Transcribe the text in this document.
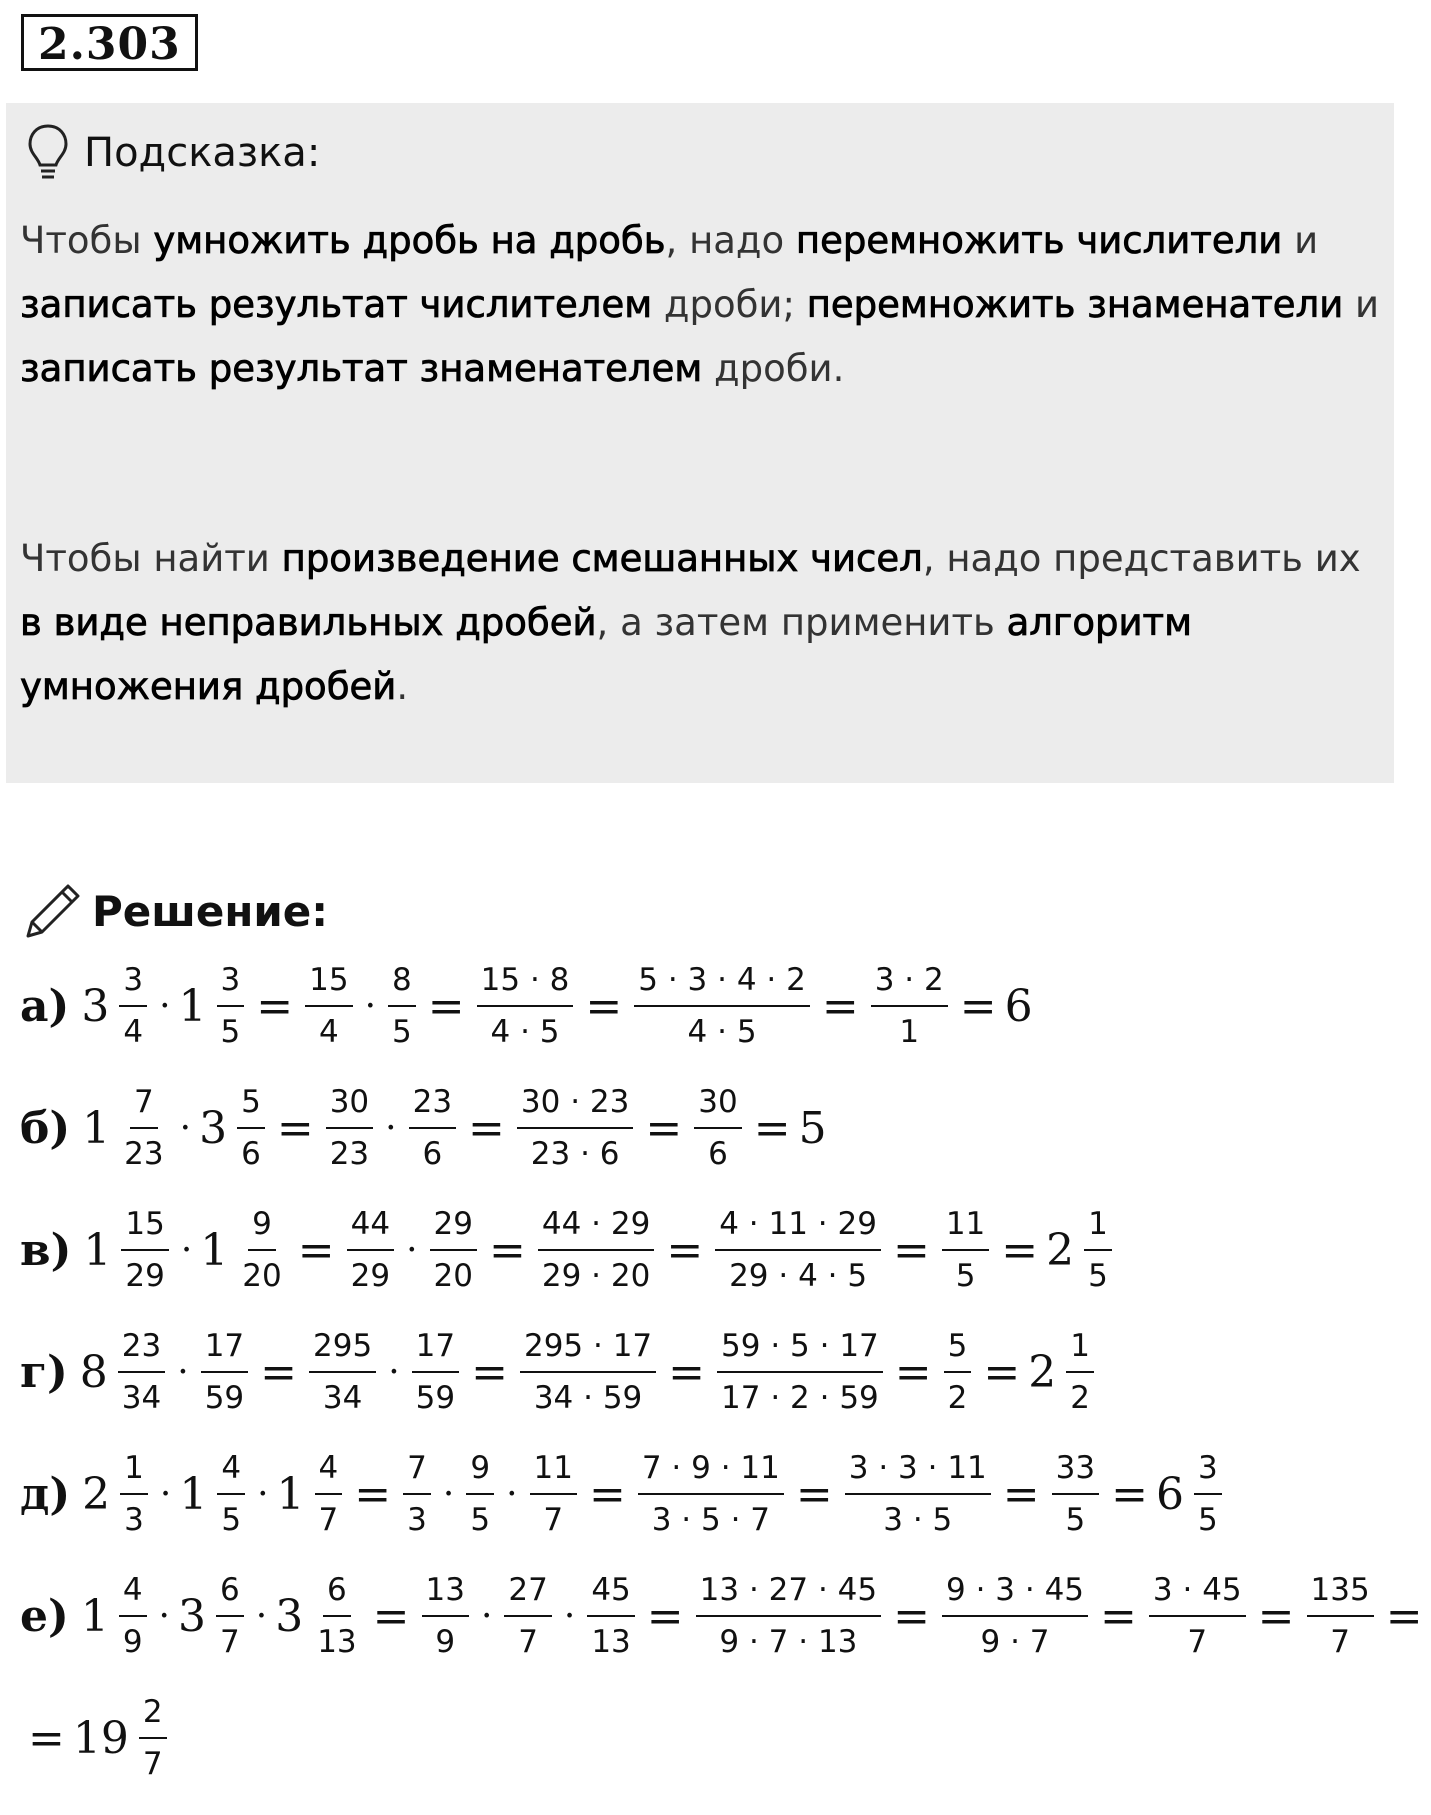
2.303
Подсказка:
Чтобы умножить дробь на дробь, надо перемножить числители и записать результат числителем дроби; перемножить знаменатели и записать результат знаменателем дроби.
Чтобы найти произведение смешанных чисел, надо представить их в виде неправильных дробей, а затем применить алгоритм умножения дробей.
Решение:
а) $3 \frac{3}{4} \cdot 1 \frac{3}{5} = \frac{15}{4} \cdot \frac{8}{5} = \frac{15 \cdot 8}{4 \cdot 5} = \frac{5 \cdot 3 \cdot 4 \cdot 2}{4 \cdot 5} = \frac{3 \cdot 2}{1} = 6$
б) $1 \frac{7}{23} \cdot 3 \frac{5}{6} = \frac{30}{23} \cdot \frac{23}{6} = \frac{30 \cdot 23}{23 \cdot 6} = \frac{30}{6} = 5$
в) $1 \frac{15}{29} \cdot 1 \frac{9}{20} = \frac{44}{29} \cdot \frac{29}{20} = \frac{44 \cdot 29}{29 \cdot 20} = \frac{4 \cdot 11 \cdot 29}{29 \cdot 4 \cdot 5} = \frac{11}{5} = 2 \frac{1}{5}$
г) $8 \frac{23}{34} \cdot \frac{17}{59} = \frac{295}{34} \cdot \frac{17}{59} = \frac{295 \cdot 17}{34 \cdot 59} = \frac{59 \cdot 5 \cdot 17}{17 \cdot 2 \cdot 59} = \frac{5}{2} = 2 \frac{1}{2}$
д) $2 \frac{1}{3} \cdot 1 \frac{4}{5} \cdot 1 \frac{4}{7} = \frac{7}{3} \cdot \frac{9}{5} \cdot \frac{11}{7} = \frac{7 \cdot 9 \cdot 11}{3 \cdot 5 \cdot 7} = \frac{3 \cdot 3 \cdot 11}{3 \cdot 5} = \frac{33}{5} = 6 \frac{3}{5}$
е) $1 \frac{4}{9} \cdot 3 \frac{6}{7} \cdot 3 \frac{6}{13} = \frac{13}{9} \cdot \frac{27}{7} \cdot \frac{45}{13} = \frac{13 \cdot 27 \cdot 45}{9 \cdot 7 \cdot 13} = \frac{9 \cdot 3 \cdot 45}{9 \cdot 7} = \frac{3 \cdot 45}{7} = \frac{135}{7}$ =
= $19 \frac{2}{7}$
